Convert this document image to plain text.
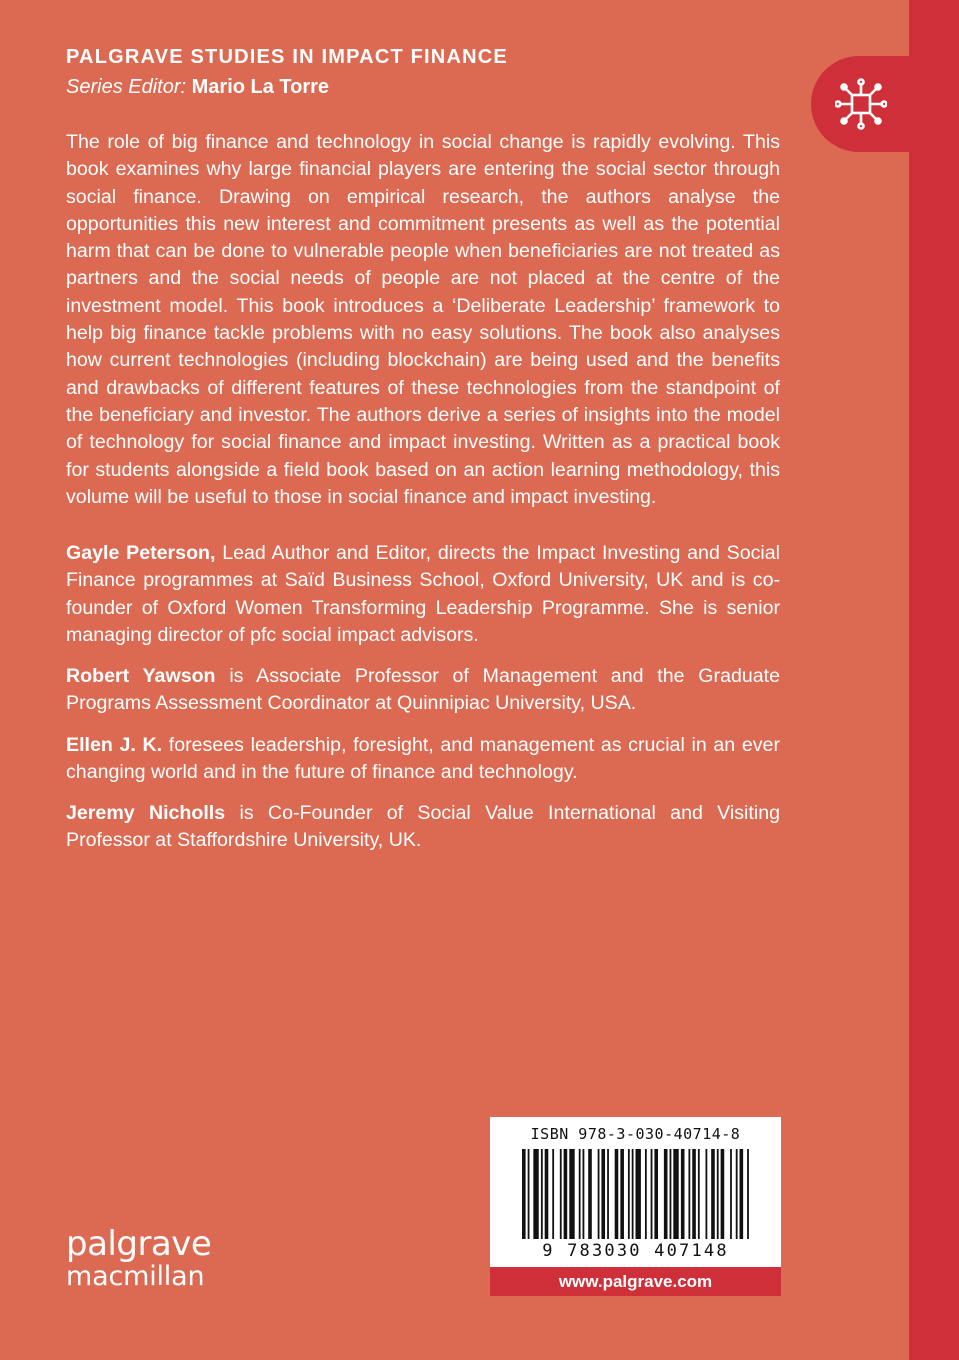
PALGRAVE STUDIES IN IMPACT FINANCE
Series Editor: Mario La Torre

The role of big finance and technology in social change is rapidly evolving. This book examines why large financial players are entering the social sector through social finance. Drawing on empirical research, the authors analyse the opportunities this new interest and commitment presents as well as the potential harm that can be done to vulnerable people when beneficiaries are not treated as partners and the social needs of people are not placed at the centre of the investment model. This book introduces a ‘Deliberate Leadership’ framework to help big finance tackle problems with no easy solutions. The book also analyses how current technologies (including blockchain) are being used and the benefits and drawbacks of different features of these technologies from the standpoint of the beneficiary and investor. The authors derive a series of insights into the model of technology for social finance and impact investing. Written as a practical book for students alongside a field book based on an action learning methodology, this volume will be useful to those in social finance and impact investing.

Gayle Peterson, Lead Author and Editor, directs the Impact Investing and Social Finance programmes at Saïd Business School, Oxford University, UK and is co-founder of Oxford Women Transforming Leadership Programme. She is senior managing director of pfc social impact advisors.

Robert Yawson is Associate Professor of Management and the Graduate Programs Assessment Coordinator at Quinnipiac University, USA.

Ellen J. K. foresees leadership, foresight, and management as crucial in an ever changing world and in the future of finance and technology.

Jeremy Nicholls is Co-Founder of Social Value International and Visiting Professor at Staffordshire University, UK.

ISBN 978-3-030-40714-8
9 783030 407148
www.palgrave.com
palgrave
macmillan
